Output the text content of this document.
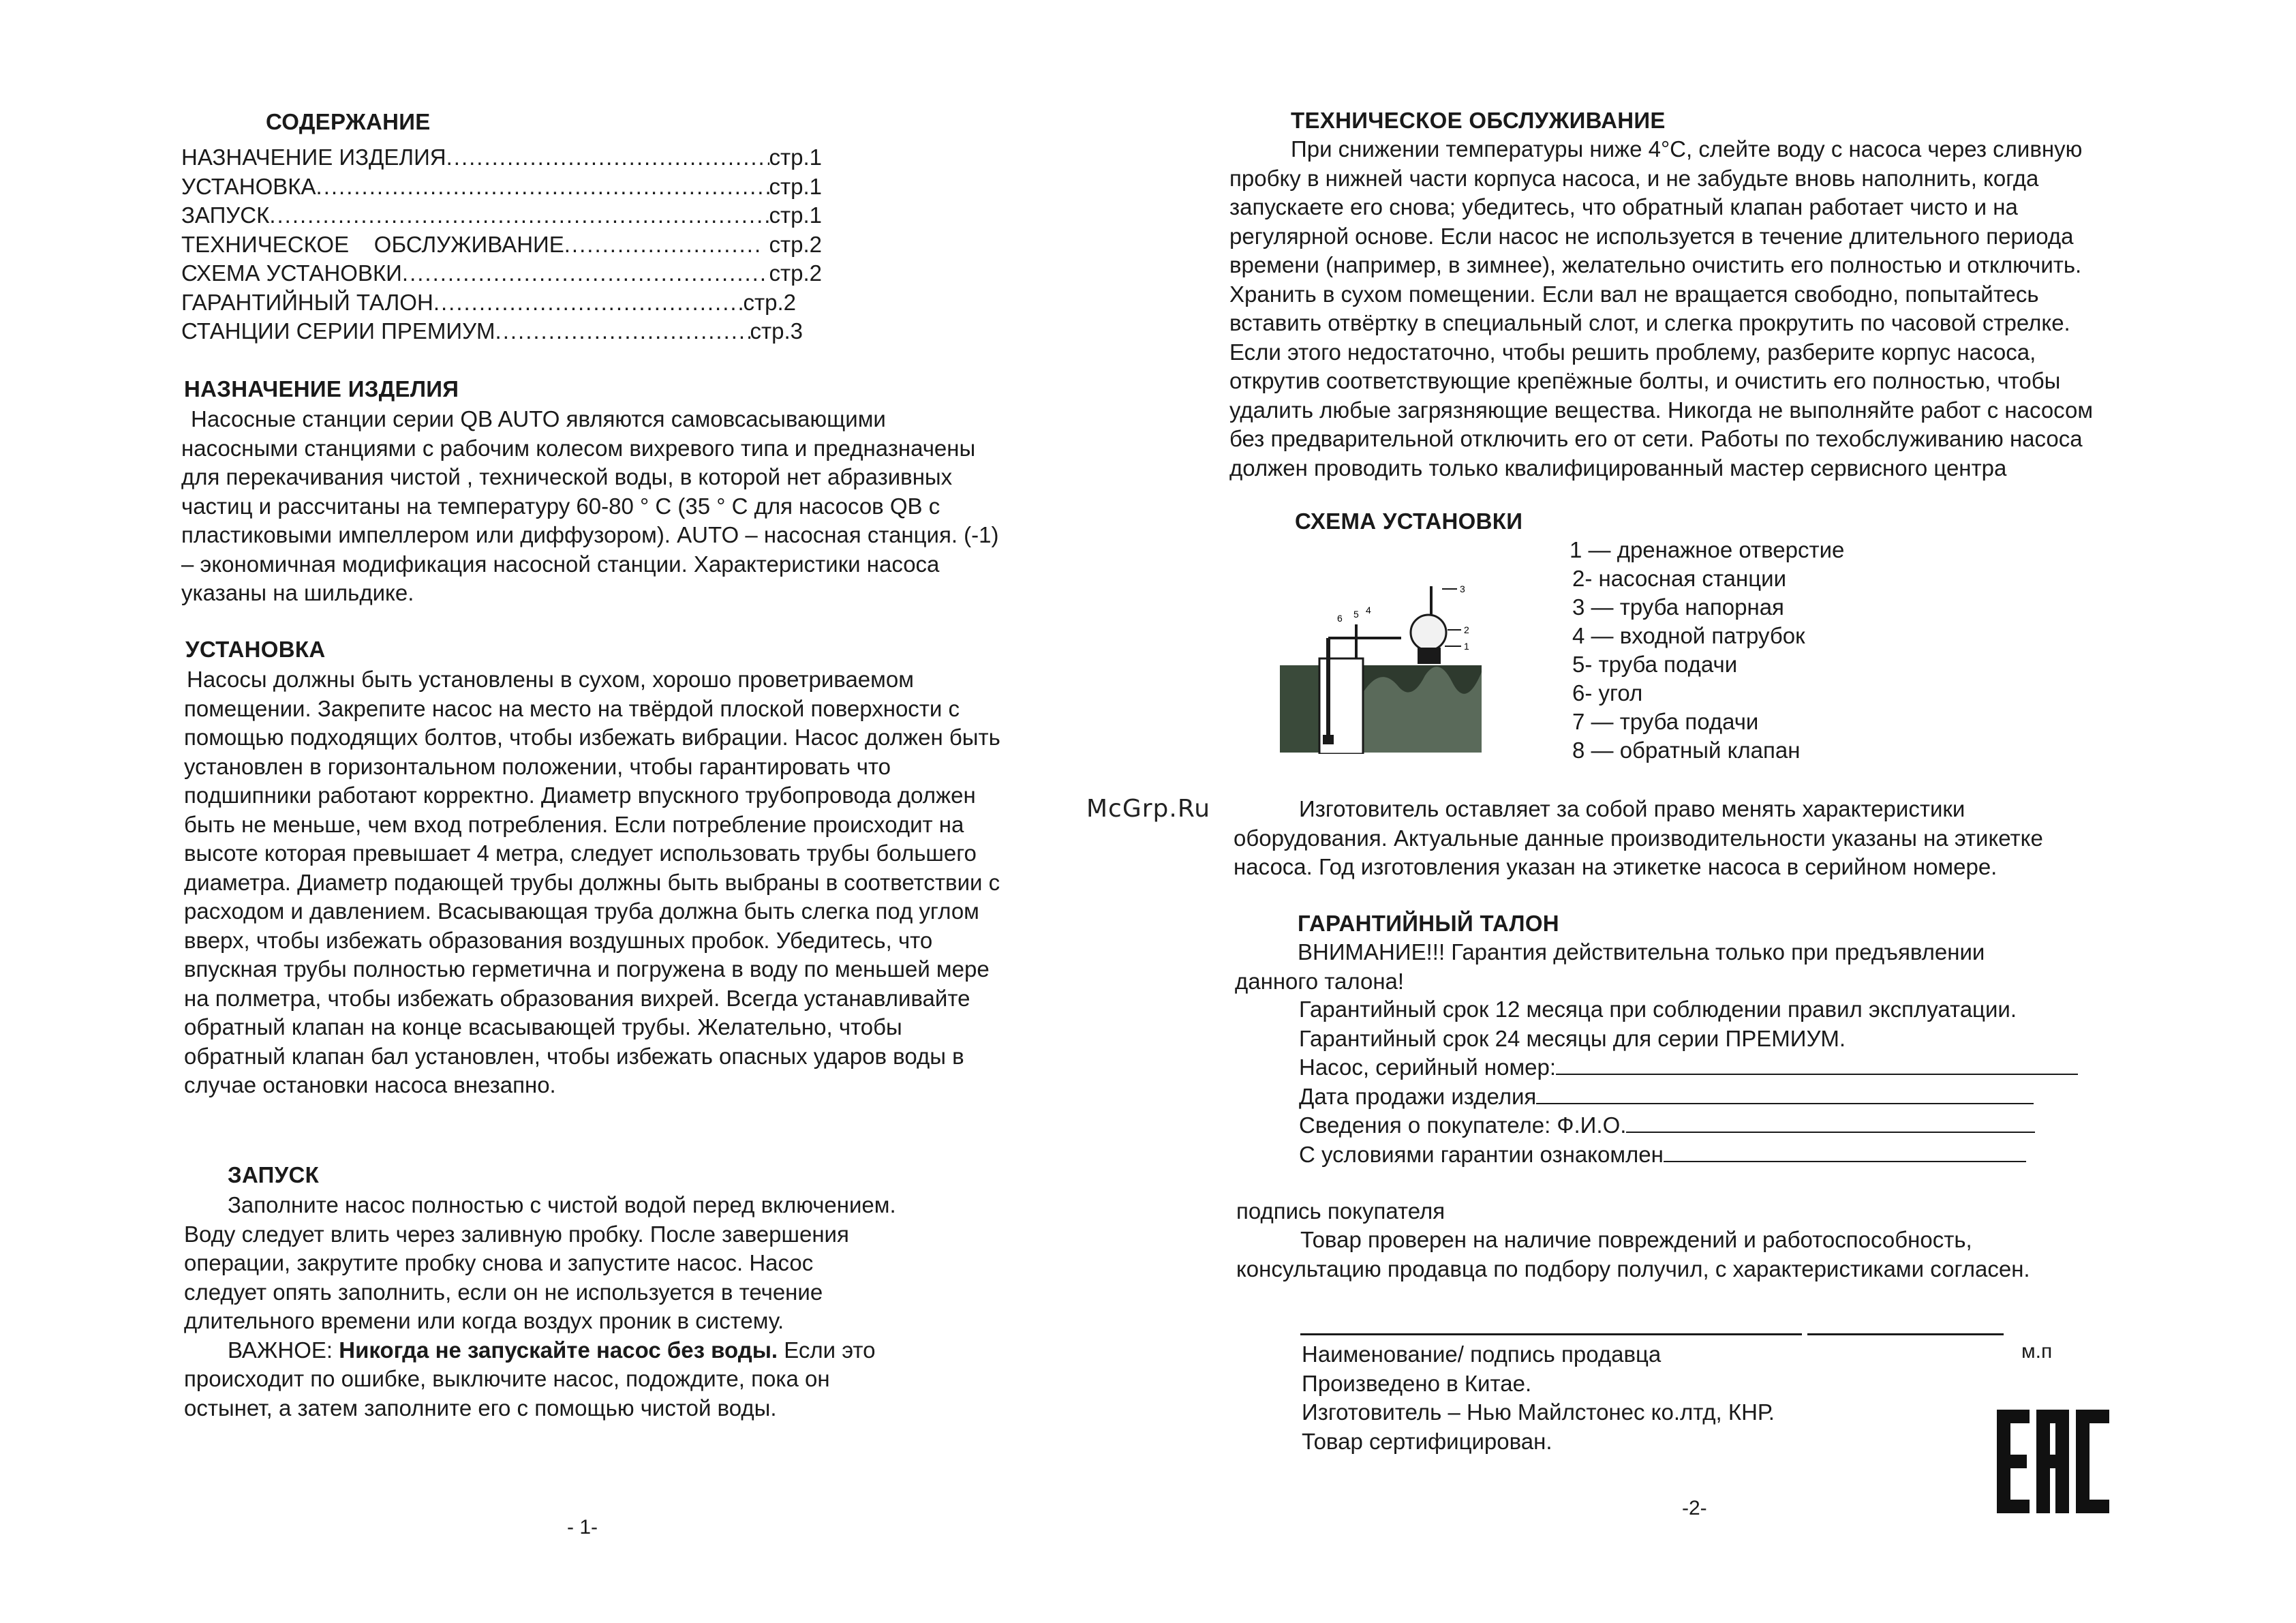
СОДЕРЖАНИЕ
НАЗНАЧЕНИЕ ИЗДЕЛИЯ .....	стр.1
УСТАНОВКА .....	стр.1
ЗАПУСК .....	стр.1
ТЕХНИЧЕСКОЕ    ОБСЛУЖИВАНИЕ .....	стр.2
СХЕМА УСТАНОВКИ .....	стр.2
ГАРАНТИЙНЫЙ ТАЛОН .....	стр.2
СТАНЦИИ СЕРИИ ПРЕМИУМ .....	стр.3
НАЗНАЧЕНИЕ ИЗДЕЛИЯ
Насосные станции серии QB AUTO являются самовсасывающими насосными станциями с рабочим колесом вихревого типа и предназначены для перекачивания чистой , технической воды, в которой нет абразивных частиц и рассчитаны на температуру 60-80 ° С (35 ° С для насосов QB с пластиковыми импеллером или диффузором). AUTO – насосная станция. (-1) – экономичная модификация насосной станции. Характеристики насоса указаны на шильдике.
УСТАНОВКА
Насосы должны быть установлены в сухом, хорошо проветриваемом помещении. Закрепите насос на место на твёрдой плоской поверхности с помощью подходящих болтов, чтобы избежать вибрации. Насос должен быть установлен в горизонтальном положении, чтобы гарантировать что подшипники работают корректно. Диаметр впускного трубопровода должен быть не меньше, чем вход потребления. Если потребление происходит на высоте которая превышает 4 метра, следует использовать трубы большего диаметра. Диаметр подающей трубы должны быть выбраны в соответствии с расходом и давлением. Всасывающая труба должна быть слегка под углом вверх, чтобы избежать образования воздушных пробок. Убедитесь, что впускная трубы полностью герметична и погружена в воду по меньшей мере на полметра, чтобы избежать образования вихрей. Всегда устанавливайте обратный клапан на конце всасывающей трубы. Желательно, чтобы обратный клапан бал установлен, чтобы избежать опасных ударов воды в случае остановки насоса внезапно.
ЗАПУСК

Заполните насос полностью с чистой водой перед включением. Воду следует влить через заливную пробку. После завершения операции, закрутите пробку снова и запустите насос. Насос следует опять заполнить, если он не используется в течение длительного времени или когда воздух проник в систему.

ВАЖНОЕ: Никогда не запускайте насос без воды. Если это происходит по ошибке, выключите насос, подождите, пока он остынет, а затем заполните его с помощью чистой воды.

- 1-
ТЕХНИЧЕСКОЕ ОБСЛУЖИВАНИЕ
При снижении температуры ниже 4°С, слейте воду с насоса через сливную пробку в нижней части корпуса насоса, и не забудьте вновь наполнить, когда запускаете его снова; убедитесь, что обратный клапан работает чисто и на регулярной основе. Если насос не используется в течение длительного периода времени (например, в зимнее), желательно очистить его полностью и отключить. Хранить в сухом помещении. Если вал не вращается свободно, попытайтесь вставить отвёртку в специальный слот, и слегка прокрутить по часовой стрелке. Если этого недостаточно, чтобы решить проблему, разберите корпус насоса, открутив соответствующие крепёжные болты, и очистить его полностью, чтобы удалить любые загрязняющие вещества. Никогда не выполняйте работ с насосом без предварительной отключить его от сети. Работы по техобслуживанию насоса должен проводить только квалифицированный мастер сервисного центра
СХЕМА УСТАНОВКИ
3
2
1
6 5 4
1 — дренажное отверстие
2- насосная станции
3 — труба напорная
4 — входной патрубок
5- труба подачи
6- угол
7 — труба подачи
8 — обратный клапан
McGrp.Ru	Изготовитель оставляет за собой право менять характеристики оборудования. Актуальные данные производительности указаны на этикетке насоса. Год изготовления указан на этикетке насоса в серийном номере.
ГАРАНТИЙНЫЙ ТАЛОН
ВНИМАНИЕ!!! Гарантия действительна только при предъявлении данного талона!

Гарантийный срок 12 месяца при соблюдении правил эксплуатации.

Гарантийный срок 24 месяцы для серии ПРЕМИУМ.

Насос, серийный номер:

Дата продажи изделия

Сведения о покупателе: Ф.И.О.

С условиями гарантии ознакомлен

подпись покупателя
Товар проверен на наличие повреждений и работоспособность, консультацию продавца по подбору получил, с характеристиками согласен.

Наименование/ подпись продавца

Произведено в Китае.

Изготовитель – Нью Майлстонес ко.лтд, КНР.

Товар сертифицирован.

м.п
-2-
